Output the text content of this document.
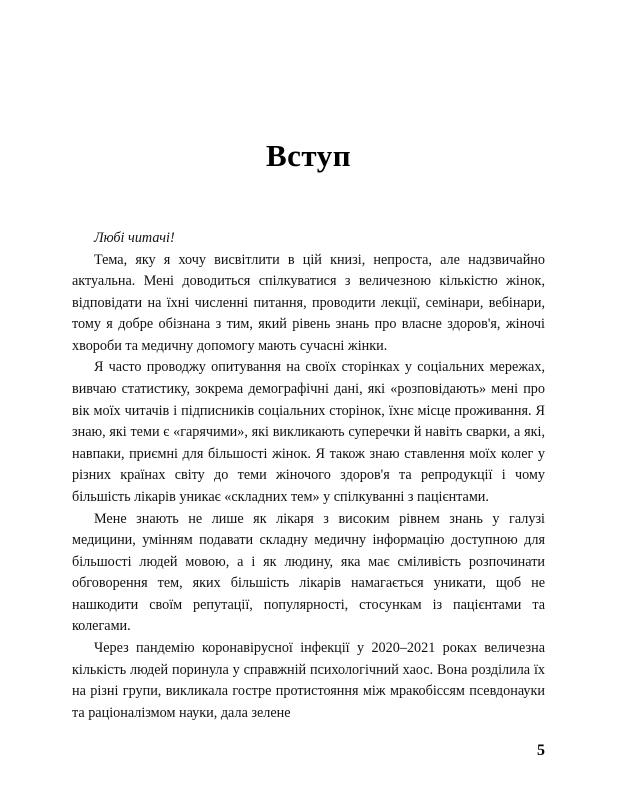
Вступ

Любі читачі!

Тема, яку я хочу висвітлити в цій книзі, непроста, але надзвичайно актуальна. Мені доводиться спілкуватися з величезною кількістю жінок, відповідати на їхні численні питання, проводити лекції, семінари, вебінари, тому я добре обізнана з тим, який рівень знань про власне здоров'я, жіночі хвороби та медичну допомогу мають сучасні жінки.

Я часто проводжу опитування на своїх сторінках у соціальних мережах, вивчаю статистику, зокрема демографічні дані, які «розповідають» мені про вік моїх читачів і підписників соціальних сторінок, їхнє місце проживання. Я знаю, які теми є «гарячими», які викликають суперечки й навіть сварки, а які, навпаки, приємні для більшості жінок. Я також знаю ставлення моїх колег у різних країнах світу до теми жіночого здоров'я та репродукції і чому більшість лікарів уникає «складних тем» у спілкуванні з пацієнтами.

Мене знають не лише як лікаря з високим рівнем знань у галузі медицини, умінням подавати складну медичну інформацію доступною для більшості людей мовою, а і як людину, яка має сміливість розпочинати обговорення тем, яких більшість лікарів намагається уникати, щоб не нашкодити своїм репутації, популярності, стосункам із пацієнтами та колегами.

Через пандемію коронавірусної інфекції у 2020–2021 роках величезна кількість людей поринула у справжній психологічний хаос. Вона розділила їх на різні групи, викликала гостре протистояння між мракобіссям псевдонауки та раціоналізмом науки, дала зелене

5
